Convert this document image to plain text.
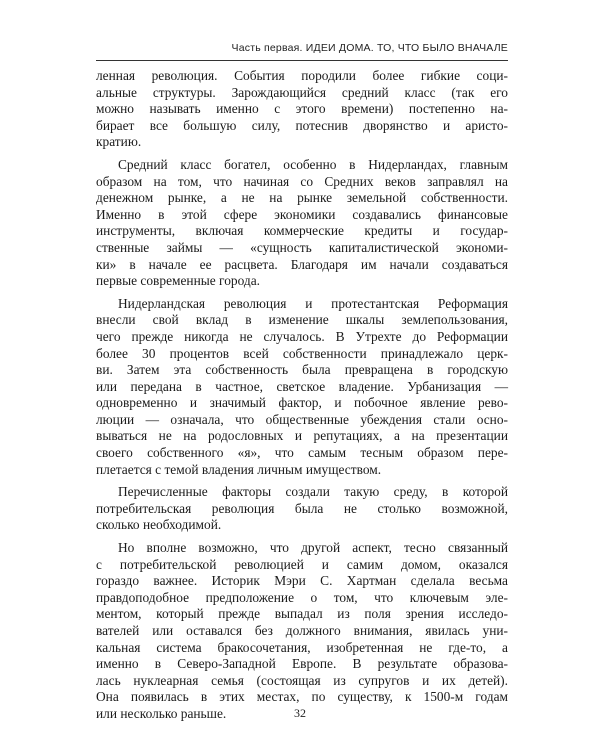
Часть первая. ИДЕИ ДОМА. ТО, ЧТО БЫЛО ВНАЧАЛЕ
ленная революция. События породили более гибкие соци-
альные структуры. Зарождающийся средний класс (так его
можно называть именно с этого времени) постепенно на-
бирает все большую силу, потеснив дворянство и аристо-
кратию.
Средний класс богател, особенно в Нидерландах, главным
образом на том, что начиная со Средних веков заправлял на
денежном рынке, а не на рынке земельной собственности.
Именно в этой сфере экономики создавались финансовые
инструменты, включая коммерческие кредиты и государ-
ственные займы — «сущность капиталистической экономи-
ки» в начале ее расцвета. Благодаря им начали создаваться
первые современные города.
Нидерландская революция и протестантская Реформация
внесли свой вклад в изменение шкалы землепользования,
чего прежде никогда не случалось. В Утрехте до Реформации
более 30 процентов всей собственности принадлежало церк-
ви. Затем эта собственность была превращена в городскую
или передана в частное, светское владение. Урбанизация —
одновременно и значимый фактор, и побочное явление рево-
люции — означала, что общественные убеждения стали осно-
вываться не на родословных и репутациях, а на презентации
своего собственного «я», что самым тесным образом пере-
плетается с темой владения личным имуществом.
Перечисленные факторы создали такую среду, в которой
потребительская революция была не столько возможной,
сколько необходимой.
Но вполне возможно, что другой аспект, тесно связанный
с потребительской революцией и самим домом, оказался
гораздо важнее. Историк Мэри С. Хартман сделала весьма
правдоподобное предположение о том, что ключевым эле-
ментом, который прежде выпадал из поля зрения исследо-
вателей или оставался без должного внимания, явилась уни-
кальная система бракосочетания, изобретенная не где-то, а
именно в Северо-Западной Европе. В результате образова-
лась нуклеарная семья (состоящая из супругов и их детей).
Она появилась в этих местах, по существу, к 1500-м годам
или несколько раньше.	32
